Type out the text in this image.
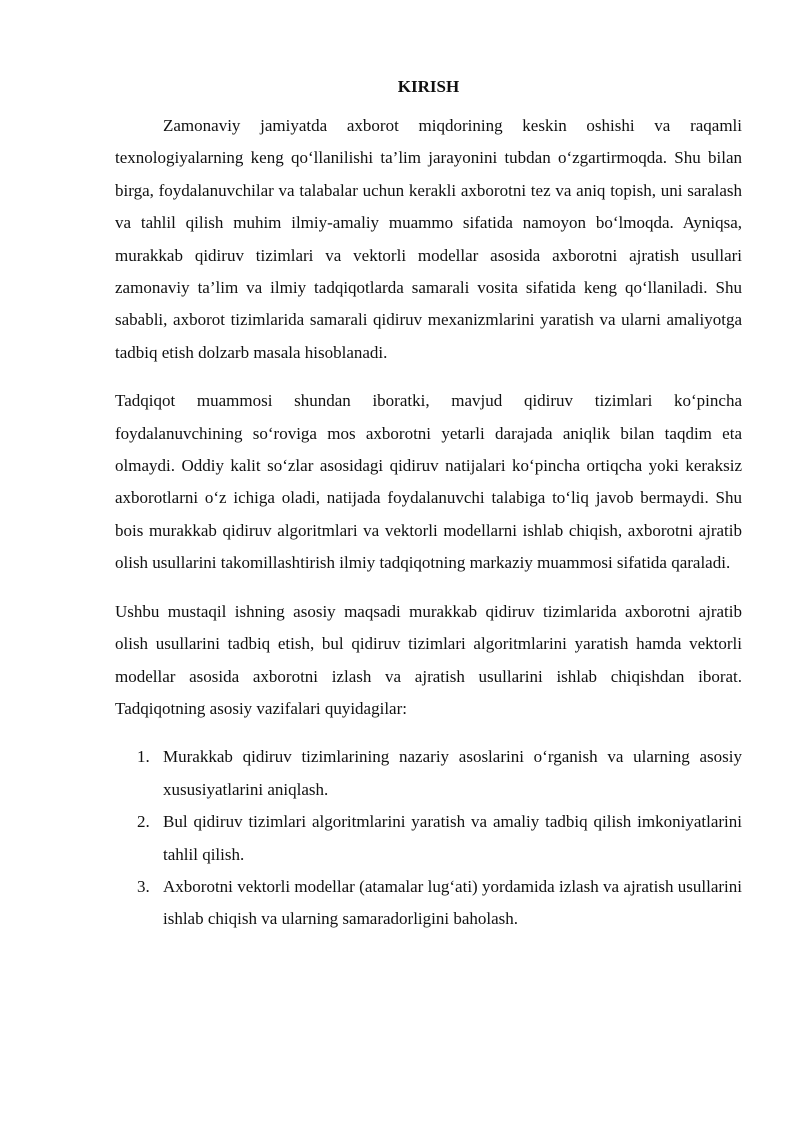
KIRISH

Zamonaviy jamiyatda axborot miqdorining keskin oshishi va raqamli texnologiyalarning keng qo‘llanilishi ta’lim jarayonini tubdan o‘zgartirmoqda. Shu bilan birga, foydalanuvchilar va talabalar uchun kerakli axborotni tez va aniq topish, uni saralash va tahlil qilish muhim ilmiy-amaliy muammo sifatida namoyon bo‘lmoqda. Ayniqsa, murakkab qidiruv tizimlari va vektorli modellar asosida axborotni ajratish usullari zamonaviy ta’lim va ilmiy tadqiqotlarda samarali vosita sifatida keng qo‘llaniladi. Shu sababli, axborot tizimlarida samarali qidiruv mexanizmlarini yaratish va ularni amaliyotga tadbiq etish dolzarb masala hisoblanadi.

Tadqiqot muammosi shundan iboratki, mavjud qidiruv tizimlari ko‘pincha foydalanuvchining so‘roviga mos axborotni yetarli darajada aniqlik bilan taqdim eta olmaydi. Oddiy kalit so‘zlar asosidagi qidiruv natijalari ko‘pincha ortiqcha yoki keraksiz axborotlarni o‘z ichiga oladi, natijada foydalanuvchi talabiga to‘liq javob bermaydi. Shu bois murakkab qidiruv algoritmlari va vektorli modellarni ishlab chiqish, axborotni ajratib olish usullarini takomillashtirish ilmiy tadqiqotning markaziy muammosi sifatida qaraladi.

Ushbu mustaqil ishning asosiy maqsadi murakkab qidiruv tizimlarida axborotni ajratib olish usullarini tadbiq etish, bul qidiruv tizimlari algoritmlarini yaratish hamda vektorli modellar asosida axborotni izlash va ajratish usullarini ishlab chiqishdan iborat. Tadqiqotning asosiy vazifalari quyidagilar:

1. Murakkab qidiruv tizimlarining nazariy asoslarini o‘rganish va ularning asosiy xususiyatlarini aniqlash.
2. Bul qidiruv tizimlari algoritmlarini yaratish va amaliy tadbiq qilish imkoniyatlarini tahlil qilish.
3. Axborotni vektorli modellar (atamalar lug‘ati) yordamida izlash va ajratish usullarini ishlab chiqish va ularning samaradorligini baholash.
